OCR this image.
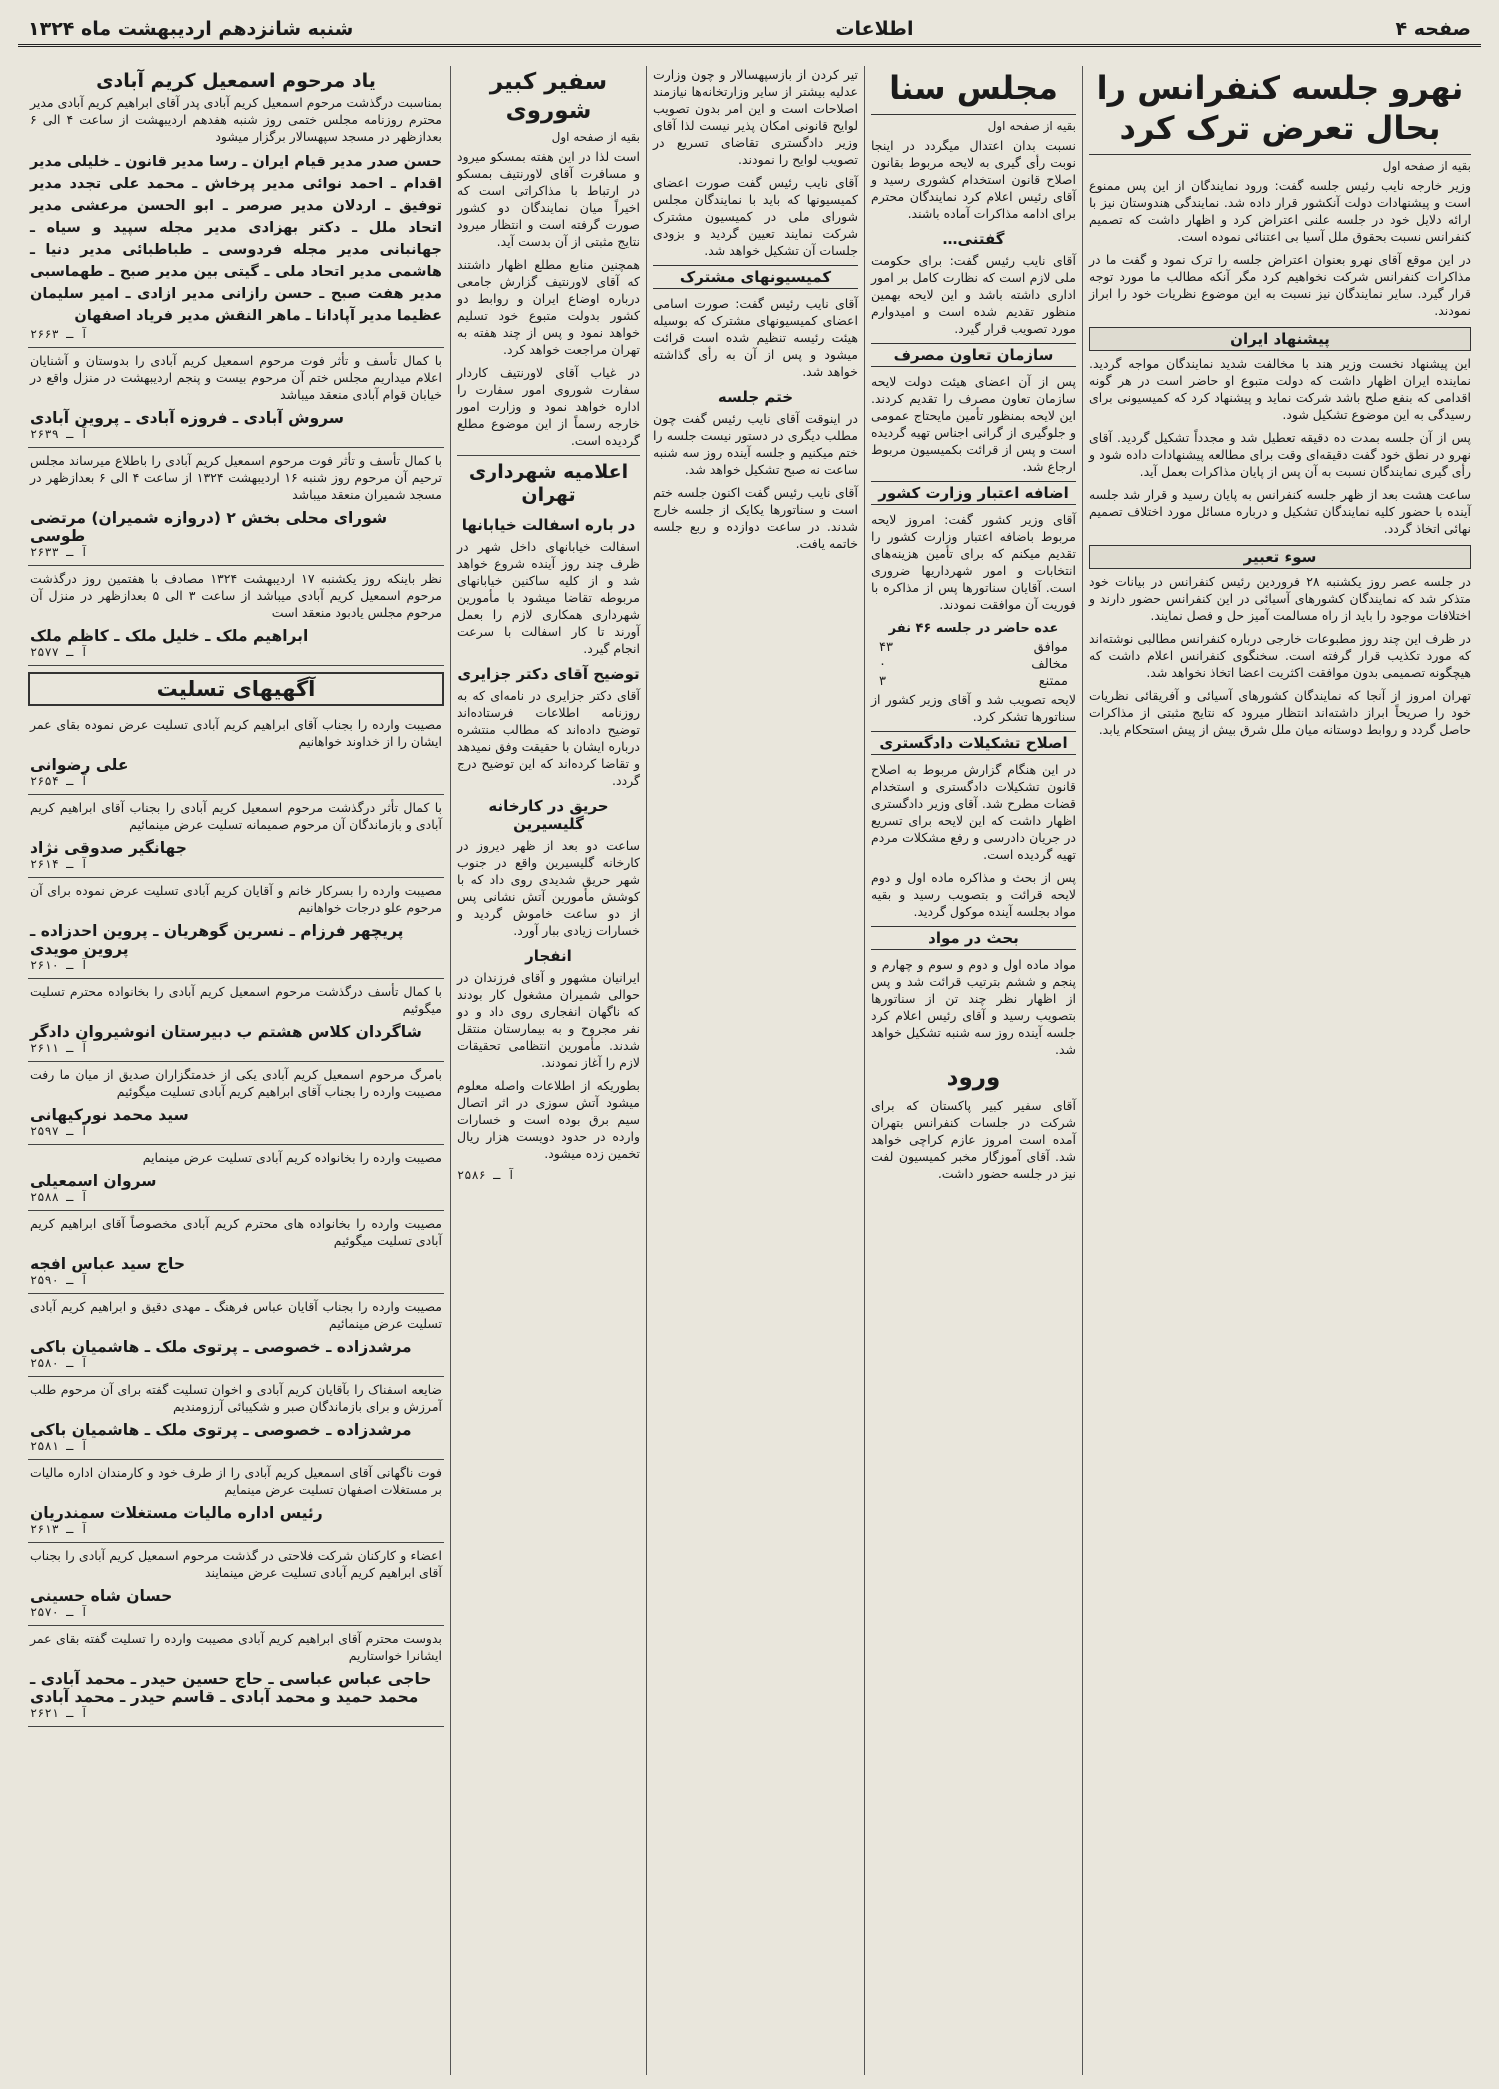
صفحه ۴
اطلاعات
شنبه شانزدهم اردیبهشت ماه ۱۳۲۴
نهرو جلسه کنفرانس را بحال تعرض ترک کرد
بقیه از صفحه اول

وزیر خارجه نایب رئیس جلسه گفت: ورود نمایندگان از این پس ممنوع است و پیشنهادات دولت آنکشور قرار داده شد. نمایندگی هندوستان نیز با ارائه دلایل خود در جلسه علنی اعتراض کرد و اظهار داشت که تصمیم کنفرانس نسبت بحقوق ملل آسیا بی اعتنائی نموده است.

در این موقع آقای نهرو بعنوان اعتراض جلسه را ترک نمود و گفت ما در مذاکرات کنفرانس شرکت نخواهیم کرد مگر آنکه مطالب ما مورد توجه قرار گیرد. سایر نمایندگان نیز نسبت به این موضوع نظریات خود را ابراز نمودند.

پیشنهاد ایران

این پیشنهاد نخست وزیر هند با مخالفت شدید نمایندگان مواجه گردید. نماینده ایران اظهار داشت که دولت متبوع او حاضر است در هر گونه اقدامی که بنفع صلح باشد شرکت نماید و پیشنهاد کرد که کمیسیونی برای رسیدگی به این موضوع تشکیل شود.

پس از آن جلسه بمدت ده دقیقه تعطیل شد و مجدداً تشکیل گردید. آقای نهرو در نطق خود گفت دقیقه‌ای وقت برای مطالعه پیشنهادات داده شود و رأی گیری نمایندگان نسبت به آن پس از پایان مذاکرات بعمل آید.

ساعت هشت بعد از ظهر جلسه کنفرانس به پایان رسید و قرار شد جلسه آینده با حضور کلیه نمایندگان تشکیل و درباره مسائل مورد اختلاف تصمیم نهائی اتخاذ گردد.

سوء تعبیر

در جلسه عصر روز یکشنبه ۲۸ فروردین رئیس کنفرانس در بیانات خود متذکر شد که نمایندگان کشورهای آسیائی در این کنفرانس حضور دارند و اختلافات موجود را باید از راه مسالمت آمیز حل و فصل نمایند.

در ظرف این چند روز مطبوعات خارجی درباره کنفرانس مطالبی نوشته‌اند که مورد تکذیب قرار گرفته است. سخنگوی کنفرانس اعلام داشت که هیچگونه تصمیمی بدون موافقت اکثریت اعضا اتخاذ نخواهد شد.

تهران امروز از آنجا که نمایندگان کشورهای آسیائی و آفریقائی نظریات خود را صریحاً ابراز داشته‌اند انتظار میرود که نتایج مثبتی از مذاکرات حاصل گردد و روابط دوستانه میان ملل شرق بیش از پیش استحکام یابد.

مجلس سنا
بقیه از صفحه اول

نسبت بدان اعتدال میگردد در اینجا نوبت رأی گیری به لایحه مربوط بقانون اصلاح قانون استخدام کشوری رسید و آقای رئیس اعلام کرد نمایندگان محترم برای ادامه مذاکرات آماده باشند.

گفتنی…

آقای نایب رئیس گفت: برای حکومت ملی لازم است که نظارت کامل بر امور اداری داشته باشد و این لایحه بهمین منظور تقدیم شده است و امیدوارم مورد تصویب قرار گیرد.

سازمان تعاون مصرف

پس از آن اعضای هیئت دولت لایحه سازمان تعاون مصرف را تقدیم کردند. این لایحه بمنظور تأمین مایحتاج عمومی و جلوگیری از گرانی اجناس تهیه گردیده است و پس از قرائت بکمیسیون مربوط ارجاع شد.

اضافه اعتبار وزارت کشور

آقای وزیر کشور گفت: امروز لایحه مربوط باضافه اعتبار وزارت کشور را تقدیم میکنم که برای تأمین هزینه‌های انتخابات و امور شهرداریها ضروری است. آقایان سناتورها پس از مذاکره با فوریت آن موافقت نمودند.

عده حاضر در جلسه ۴۶ نفر
موافق
۴۳
مخالف
۰
ممتنع
۳

لایحه تصویب شد و آقای وزیر کشور از سناتورها تشکر کرد.

اصلاح تشکیلات دادگستری

در این هنگام گزارش مربوط به اصلاح قانون تشکیلات دادگستری و استخدام قضات مطرح شد. آقای وزیر دادگستری اظهار داشت که این لایحه برای تسریع در جریان دادرسی و رفع مشکلات مردم تهیه گردیده است.

پس از بحث و مذاکره ماده اول و دوم لایحه قرائت و بتصویب رسید و بقیه مواد بجلسه آینده موکول گردید.

بحث در مواد

مواد ماده اول و دوم و سوم و چهارم و پنجم و ششم بترتیب قرائت شد و پس از اظهار نظر چند تن از سناتورها بتصویب رسید و آقای رئیس اعلام کرد جلسه آینده روز سه شنبه تشکیل خواهد شد.

ورود

آقای سفیر کبیر پاکستان که برای شرکت در جلسات کنفرانس بتهران آمده است امروز عازم کراچی خواهد شد. آقای آموزگار مخبر کمیسیون لفت نیز در جلسه حضور داشت.

تیر کردن از بازسپهسالار و چون وزارت عدلیه بیشتر از سایر وزارتخانه‌ها نیازمند اصلاحات است و این امر بدون تصویب لوایح قانونی امکان پذیر نیست لذا آقای وزیر دادگستری تقاضای تسریع در تصویب لوایح را نمودند.

آقای نایب رئیس گفت صورت اعضای کمیسیونها که باید با نمایندگان مجلس شورای ملی در کمیسیون مشترک شرکت نمایند تعیین گردید و بزودی جلسات آن تشکیل خواهد شد.

کمیسیونهای مشترک

آقای نایب رئیس گفت: صورت اسامی اعضای کمیسیونهای مشترک که بوسیله هیئت رئیسه تنظیم شده است قرائت میشود و پس از آن به رأی گذاشته خواهد شد.

ختم جلسه

در اینوقت آقای نایب رئیس گفت چون مطلب دیگری در دستور نیست جلسه را ختم میکنیم و جلسه آینده روز سه شنبه ساعت نه صبح تشکیل خواهد شد.

آقای نایب رئیس گفت اکنون جلسه ختم است و سناتورها یکایک از جلسه خارج شدند. در ساعت دوازده و ربع جلسه خاتمه یافت.

سفیر کبیر شوروی
بقیه از صفحه اول

است لذا در این هفته بمسکو میرود و مسافرت آقای لاورنتیف بمسکو در ارتباط با مذاکراتی است که اخیراً میان نمایندگان دو کشور صورت گرفته است و انتظار میرود نتایج مثبتی از آن بدست آید.

همچنین منابع مطلع اظهار داشتند که آقای لاورنتیف گزارش جامعی درباره اوضاع ایران و روابط دو کشور بدولت متبوع خود تسلیم خواهد نمود و پس از چند هفته به تهران مراجعت خواهد کرد.

در غیاب آقای لاورنتیف کاردار سفارت شوروی امور سفارت را اداره خواهد نمود و وزارت امور خارجه رسماً از این موضوع مطلع گردیده است.

اعلامیه شهرداری تهران
در باره اسفالت خیابانها

اسفالت خیابانهای داخل شهر در ظرف چند روز آینده شروع خواهد شد و از کلیه ساکنین خیابانهای مربوطه تقاضا میشود با مأمورین شهرداری همکاری لازم را بعمل آورند تا کار اسفالت با سرعت انجام گیرد.

توضیح آقای دکتر جزایری

آقای دکتر جزایری در نامه‌ای که به روزنامه اطلاعات فرستاده‌اند توضیح داده‌اند که مطالب منتشره درباره ایشان با حقیقت وفق نمیدهد و تقاضا کرده‌اند که این توضیح درج گردد.

حریق در کارخانه گلیسیرین

ساعت دو بعد از ظهر دیروز در کارخانه گلیسیرین واقع در جنوب شهر حریق شدیدی روی داد که با کوشش مأمورین آتش نشانی پس از دو ساعت خاموش گردید و خسارات زیادی ببار آورد.

انفجار

ایرانیان مشهور و آقای فرزندان در حوالی شمیران مشغول کار بودند که ناگهان انفجاری روی داد و دو نفر مجروح و به بیمارستان منتقل شدند. مأمورین انتظامی تحقیقات لازم را آغاز نمودند.

بطوریکه از اطلاعات واصله معلوم میشود آتش سوزی در اثر اتصال سیم برق بوده است و خسارات وارده در حدود دویست هزار ریال تخمین زده میشود.

آ ـ ۲۵۸۶
یاد مرحوم اسمعیل کریم آبادی

بمناسبت درگذشت مرحوم اسمعیل کریم آبادی پدر آقای ابراهیم کریم آبادی مدیر محترم روزنامه مجلس ختمی روز شنبه هفدهم اردیبهشت از ساعت ۴ الی ۶ بعدازظهر در مسجد سپهسالار برگزار میشود

حسن صدر مدیر قیام ایران ـ رسا مدیر قانون ـ خلیلی مدیر اقدام ـ احمد نوائی مدیر پرخاش ـ محمد علی تجدد مدیر توفیق ـ اردلان مدیر صرصر ـ ابو الحسن مرعشی مدیر اتحاد ملل ـ دکتر بهزادی مدیر مجله سپید و سیاه ـ جهانبانی مدیر مجله فردوسی ـ طباطبائی مدیر دنیا ـ هاشمی مدیر اتحاد ملی ـ گیتی بین مدیر صبح ـ طهماسبی مدیر هفت صبح ـ حسن رازانی مدیر ازادی ـ امیر سلیمان عظیما مدیر آپادانا ـ ماهر النقش مدیر فریاد اصفهان
آ ـ ۲۶۶۳

با کمال تأسف و تأثر فوت مرحوم اسمعیل کریم آبادی را بدوستان و آشنایان اعلام میداریم مجلس ختم آن مرحوم بیست و پنجم اردیبهشت در منزل واقع در خیابان قوام آبادی منعقد میباشد

سروش آبادی ـ فروزه آبادی ـ پروین آبادی
آ ـ ۲۶۳۹

با کمال تأسف و تأثر فوت مرحوم اسمعیل کریم آبادی را باطلاع میرساند مجلس ترحیم آن مرحوم روز شنبه ۱۶ اردیبهشت ۱۳۲۴ از ساعت ۴ الی ۶ بعدازظهر در مسجد شمیران منعقد میباشد

شورای محلی بخش ۲ (دروازه شمیران) مرتضی طوسی
آ ـ ۲۶۳۳

نظر باینکه روز یکشنبه ۱۷ اردیبهشت ۱۳۲۴ مصادف با هفتمین روز درگذشت مرحوم اسمعیل کریم آبادی میباشد از ساعت ۳ الی ۵ بعدازظهر در منزل آن مرحوم مجلس یادبود منعقد است

ابراهیم ملک ـ خلیل ملک ـ کاظم ملک
آ ـ ۲۵۷۷
آگهیهای تسلیت

مصیبت وارده را بجناب آقای ابراهیم کریم آبادی تسلیت عرض نموده بقای عمر ایشان را از خداوند خواهانیم

علی رضوانی
آ ـ ۲۶۵۴

با کمال تأثر درگذشت مرحوم اسمعیل کریم آبادی را بجناب آقای ابراهیم کریم آبادی و بازماندگان آن مرحوم صمیمانه تسلیت عرض مینمائیم

جهانگیر صدوقی نژاد
آ ـ ۲۶۱۴

مصیبت وارده را بسرکار خانم و آقایان کریم آبادی تسلیت عرض نموده برای آن مرحوم علو درجات خواهانیم

پریچهر فرزام ـ نسرین گوهریان ـ پروین احدزاده ـ پروین مویدی
آ ـ ۲۶۱۰

با کمال تأسف درگذشت مرحوم اسمعیل کریم آبادی را بخانواده محترم تسلیت میگوئیم

شاگردان کلاس هشتم ب دبیرستان انوشیروان دادگر
آ ـ ۲۶۱۱

بامرگ مرحوم اسمعیل کریم آبادی یکی از خدمتگزاران صدیق از میان ما رفت مصیبت وارده را بجناب آقای ابراهیم کریم آبادی تسلیت میگوئیم

سید محمد نورکیهانی
آ ـ ۲۵۹۷

مصیبت وارده را بخانواده کریم آبادی تسلیت عرض مینمایم

سروان اسمعیلی
آ ـ ۲۵۸۸

مصیبت وارده را بخانواده های محترم کریم آبادی مخصوصاً آقای ابراهیم کریم آبادی تسلیت میگوئیم

حاج سید عباس افجه
آ ـ ۲۵۹۰

مصیبت وارده را بجناب آقایان عباس فرهنگ ـ مهدی دقیق و ابراهیم کریم آبادی تسلیت عرض مینمائیم

مرشدزاده ـ خصوصی ـ پرتوی ملک ـ هاشمیان باکی
آ ـ ۲۵۸۰

ضایعه اسفناک را بآقایان کریم آبادی و اخوان تسلیت گفته برای آن مرحوم طلب آمرزش و برای بازماندگان صبر و شکیبائی آرزومندیم

مرشدزاده ـ خصوصی ـ پرتوی ملک ـ هاشمیان باکی
آ ـ ۲۵۸۱

فوت ناگهانی آقای اسمعیل کریم آبادی را از طرف خود و کارمندان اداره مالیات بر مستغلات اصفهان تسلیت عرض مینمایم

رئیس اداره مالیات مستغلات سمندریان
آ ـ ۲۶۱۳

اعضاء و کارکنان شرکت فلاحتی در گذشت مرحوم اسمعیل کریم آبادی را بجناب آقای ابراهیم کریم آبادی تسلیت عرض مینمایند

حسان شاه حسینی
آ ـ ۲۵۷۰

بدوست محترم آقای ابراهیم کریم آبادی مصیبت وارده را تسلیت گفته بقای عمر ایشانرا خواستاریم

حاجی عباس عباسی ـ حاج حسین حیدر ـ محمد آبادی ـ محمد حمید و محمد آبادی ـ قاسم حیدر ـ محمد آبادی
آ ـ ۲۶۲۱
